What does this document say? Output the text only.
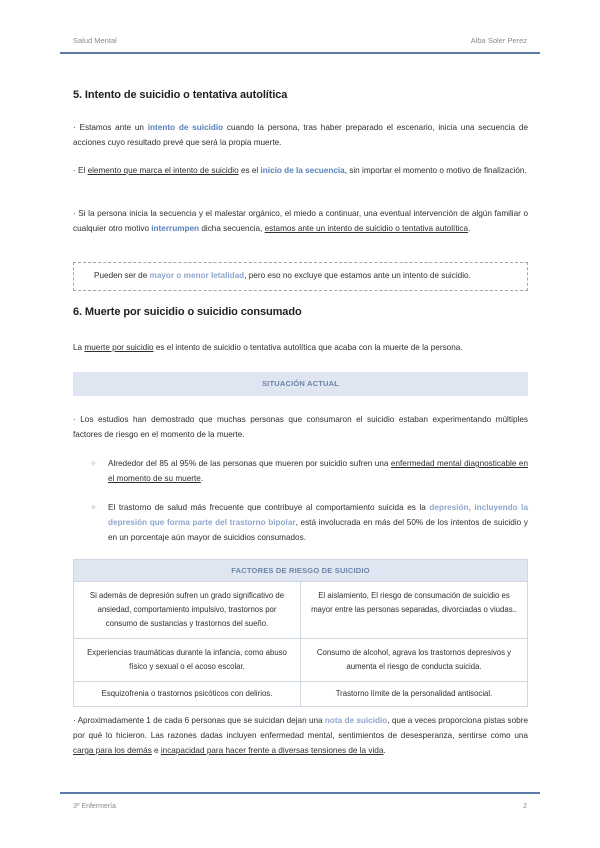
Salud Mental	Alba Soler Perez
5. Intento de suicidio o tentativa autolítica
· Estamos ante un intento de suicidio cuando la persona, tras haber preparado el escenario, inicia una secuencia de acciones cuyo resultado prevé que será la propia muerte.
· El elemento que marca el intento de suicidio es el inicio de la secuencia, sin importar el momento o motivo de finalización.
· Si la persona inicia la secuencia y el malestar orgánico, el miedo a continuar, una eventual intervención de algún familiar o cualquier otro motivo interrumpen dicha secuencia, estamos ante un intento de suicidio o tentativa autolítica.
Pueden ser de mayor o menor letalidad, pero eso no excluye que estamos ante un intento de suicidio.
6. Muerte por suicidio o suicidio consumado
La muerte por suicidio es el intento de suicidio o tentativa autolítica que acaba con la muerte de la persona.
SITUACIÓN ACTUAL
· Los estudios han demostrado que muchas personas que consumaron el suicidio estaban experimentando múltiples factores de riesgo en el momento de la muerte.
✧ Alrededor del 85 al 95% de las personas que mueren por suicidio sufren una enfermedad mental diagnosticable en el momento de su muerte.
✧ El trastorno de salud más frecuente que contribuye al comportamiento suicida es la depresión, incluyendo la depresión que forma parte del trastorno bipolar, está involucrada en más del 50% de los intentos de suicidio y en un porcentaje aún mayor de suicidios consumados.
FACTORES DE RIESGO DE SUICIDIO	
Si además de depresión sufren un grado significativo de ansiedad, comportamiento impulsivo, trastornos por consumo de sustancias y trastornos del sueño.	El aislamiento, El riesgo de consumación de suicidio es mayor entre las personas separadas, divorciadas o viudas..
Experiencias traumáticas durante la infancia, como abuso físico y sexual o el acoso escolar.	Consumo de alcohol, agrava los trastornos depresivos y aumenta el riesgo de conducta suicida.
Esquizofrenia o trastornos psicóticos con delirios.	Trastorno límite de la personalidad antisocial.
· Aproximadamente 1 de cada 6 personas que se suicidan dejan una nota de suicidio, que a veces proporciona pistas sobre por qué lo hicieron. Las razones dadas incluyen enfermedad mental, sentimientos de desesperanza, sentirse como una carga para los demás e incapacidad para hacer frente a diversas tensiones de la vida.
3º Enfermería	2
